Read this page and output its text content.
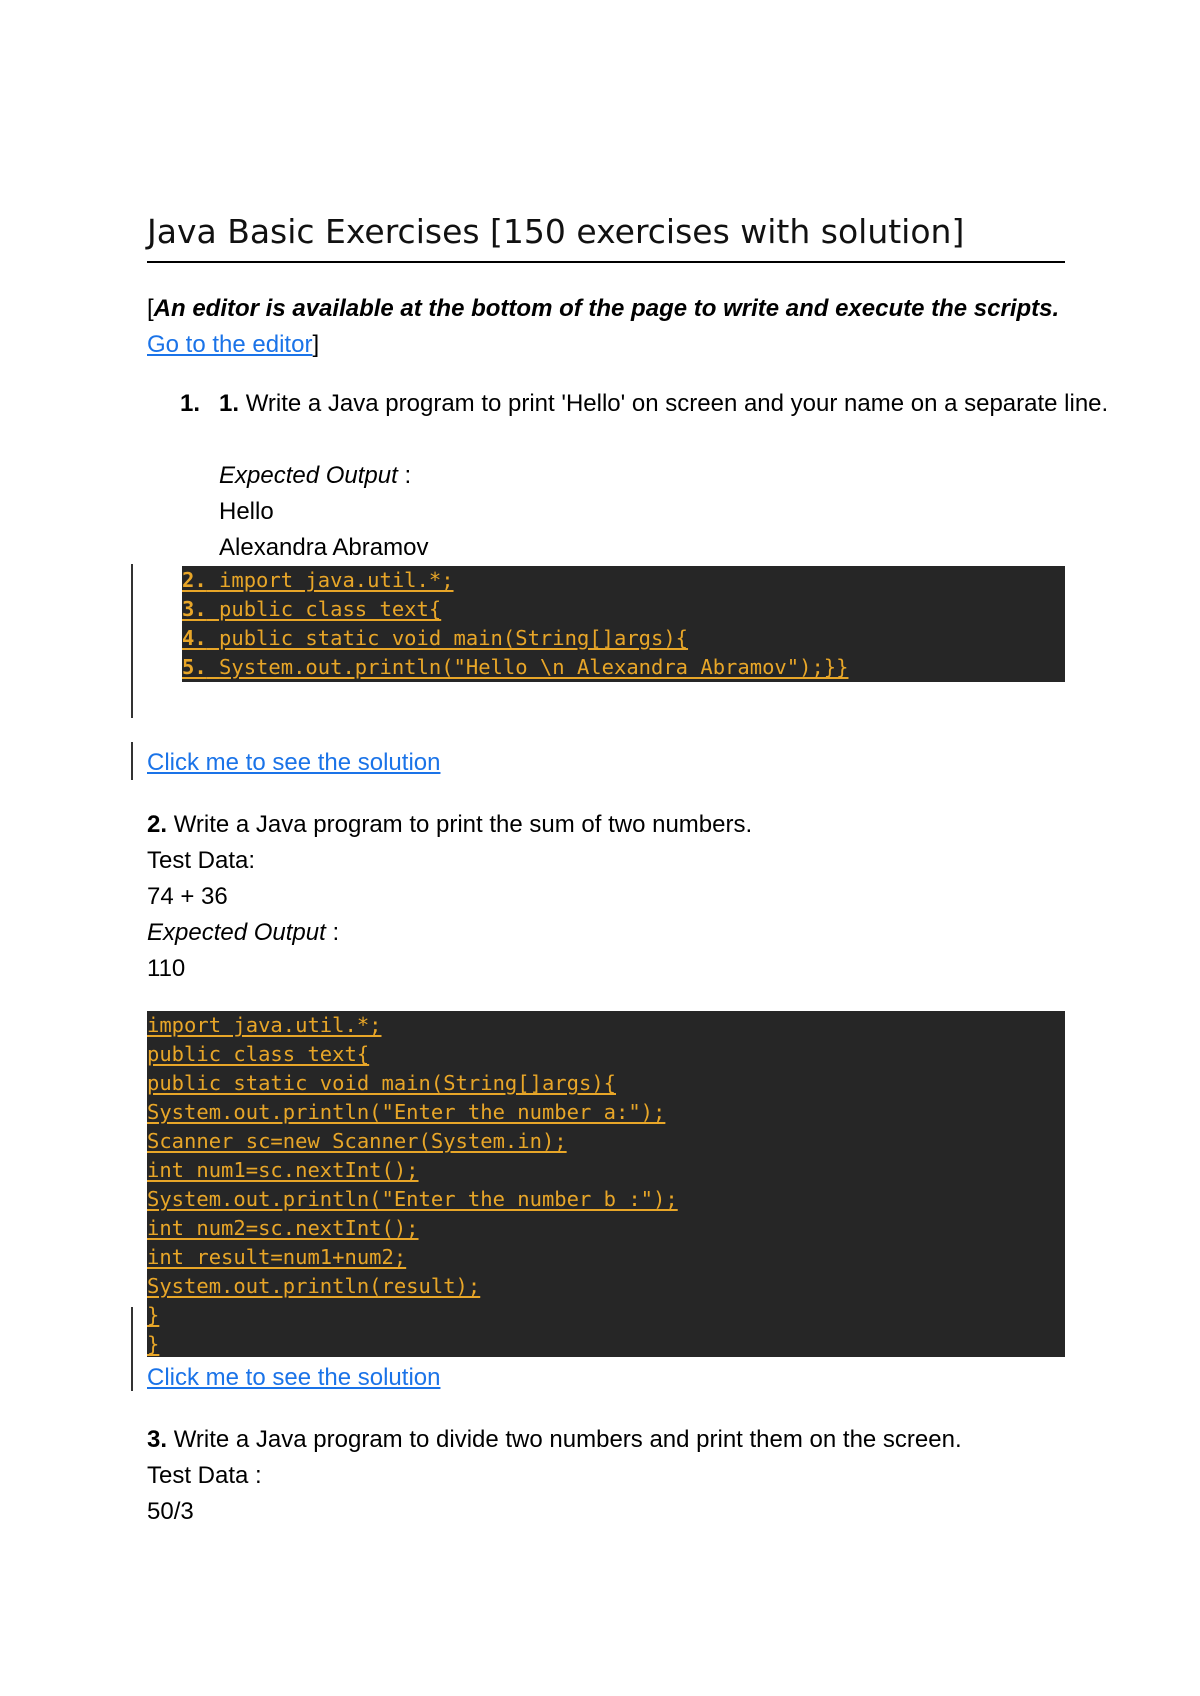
Java Basic Exercises [150 exercises with solution]
[An editor is available at the bottom of the page to write and execute the scripts. Go to the editor]
1. 1. Write a Java program to print 'Hello' on screen and your name on a separate line.
Expected Output :
Hello
Alexandra Abramov
2. import java.util.*;
3. public class text{
4. public static void main(String[]args){
5. System.out.println("Hello \n Alexandra Abramov");}}
Click me to see the solution
2. Write a Java program to print the sum of two numbers.
Test Data:
74 + 36
Expected Output :
110
import java.util.*;
public class text{
public static void main(String[]args){
System.out.println("Enter the number a:");
Scanner sc=new Scanner(System.in);
int num1=sc.nextInt();
System.out.println("Enter the number b :");
int num2=sc.nextInt();
int result=num1+num2;
System.out.println(result);
}
}
Click me to see the solution
3. Write a Java program to divide two numbers and print them on the screen.
Test Data :
50/3
